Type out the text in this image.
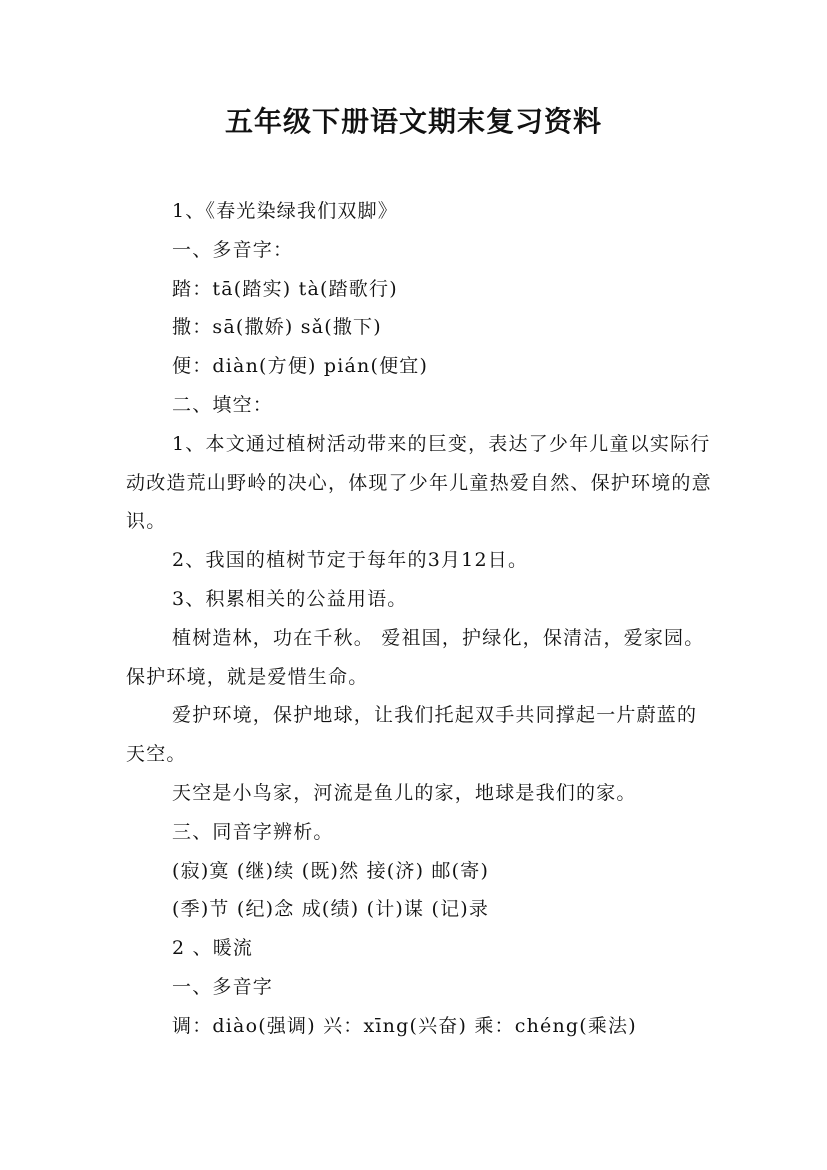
五年级下册语文期末复习资料

1、《春光染绿我们双脚》

一、多音字：

踏：tā(踏实) tà(踏歌行)

撒：sā(撒娇) sǎ(撒下)

便：diàn(方便) pián(便宜)

二、填空：

1、本文通过植树活动带来的巨变，表达了少年儿童以实际行动改造荒山野岭的决心，体现了少年儿童热爱自然、保护环境的意识。

2、我国的植树节定于每年的3月12日。

3、积累相关的公益用语。

植树造林，功在千秋。 爱祖国，护绿化，保清洁，爱家园。 保护环境，就是爱惜生命。

爱护环境，保护地球，让我们托起双手共同撑起一片蔚蓝的天空。

天空是小鸟家，河流是鱼儿的家，地球是我们的家。

三、同音字辨析。

(寂)寞 (继)续 (既)然 接(济) 邮(寄)

(季)节 (纪)念 成(绩) (计)谋 (记)录

2 、暖流

一、多音字

调：diào(强调) 兴：xīng(兴奋) 乘：chéng(乘法)
